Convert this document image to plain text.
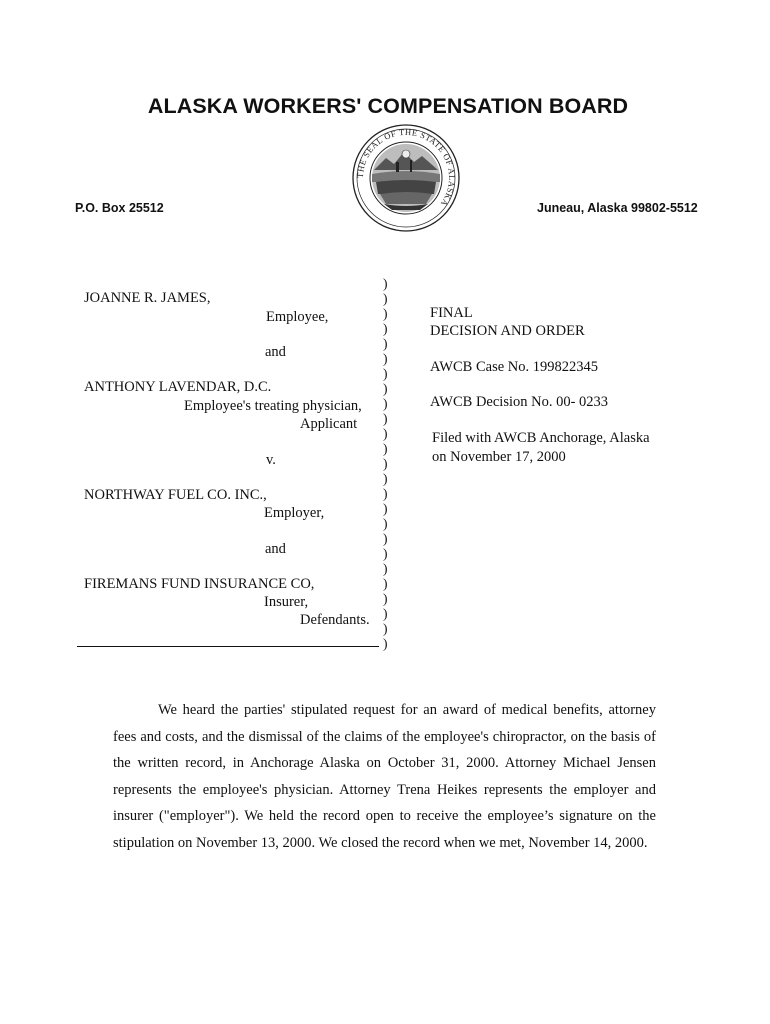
ALASKA WORKERS' COMPENSATION BOARD
THE SEAL OF THE STATE OF ALASKA
P.O. Box 25512	Juneau, Alaska 99802-5512
JOANNE R. JAMES,
Employee,
and
ANTHONY LAVENDAR, D.C.
Employee's treating physician,
Applicant
v.
NORTHWAY FUEL CO. INC.,
Employer,
and
FIREMANS FUND INSURANCE CO,
Insurer,
Defendants.
)
)
)
)
)
)
)
)
)
)
)
)
)
)
)
)
)
)
)
)
)
)
)
)
)
FINAL
DECISION AND ORDER
AWCB Case No. 199822345
AWCB Decision No. 00- 0233
Filed with AWCB Anchorage, Alaska
on November 17, 2000
We heard the parties' stipulated request for an award of medical benefits, attorney fees and costs, and the dismissal of the claims of the employee's chiropractor, on the basis of the written record, in Anchorage Alaska on October 31, 2000. Attorney Michael Jensen represents the employee's physician. Attorney Trena Heikes represents the employer and insurer ("employer"). We held the record open to receive the employee’s signature on the stipulation on November 13, 2000. We closed the record when we met, November 14, 2000.
